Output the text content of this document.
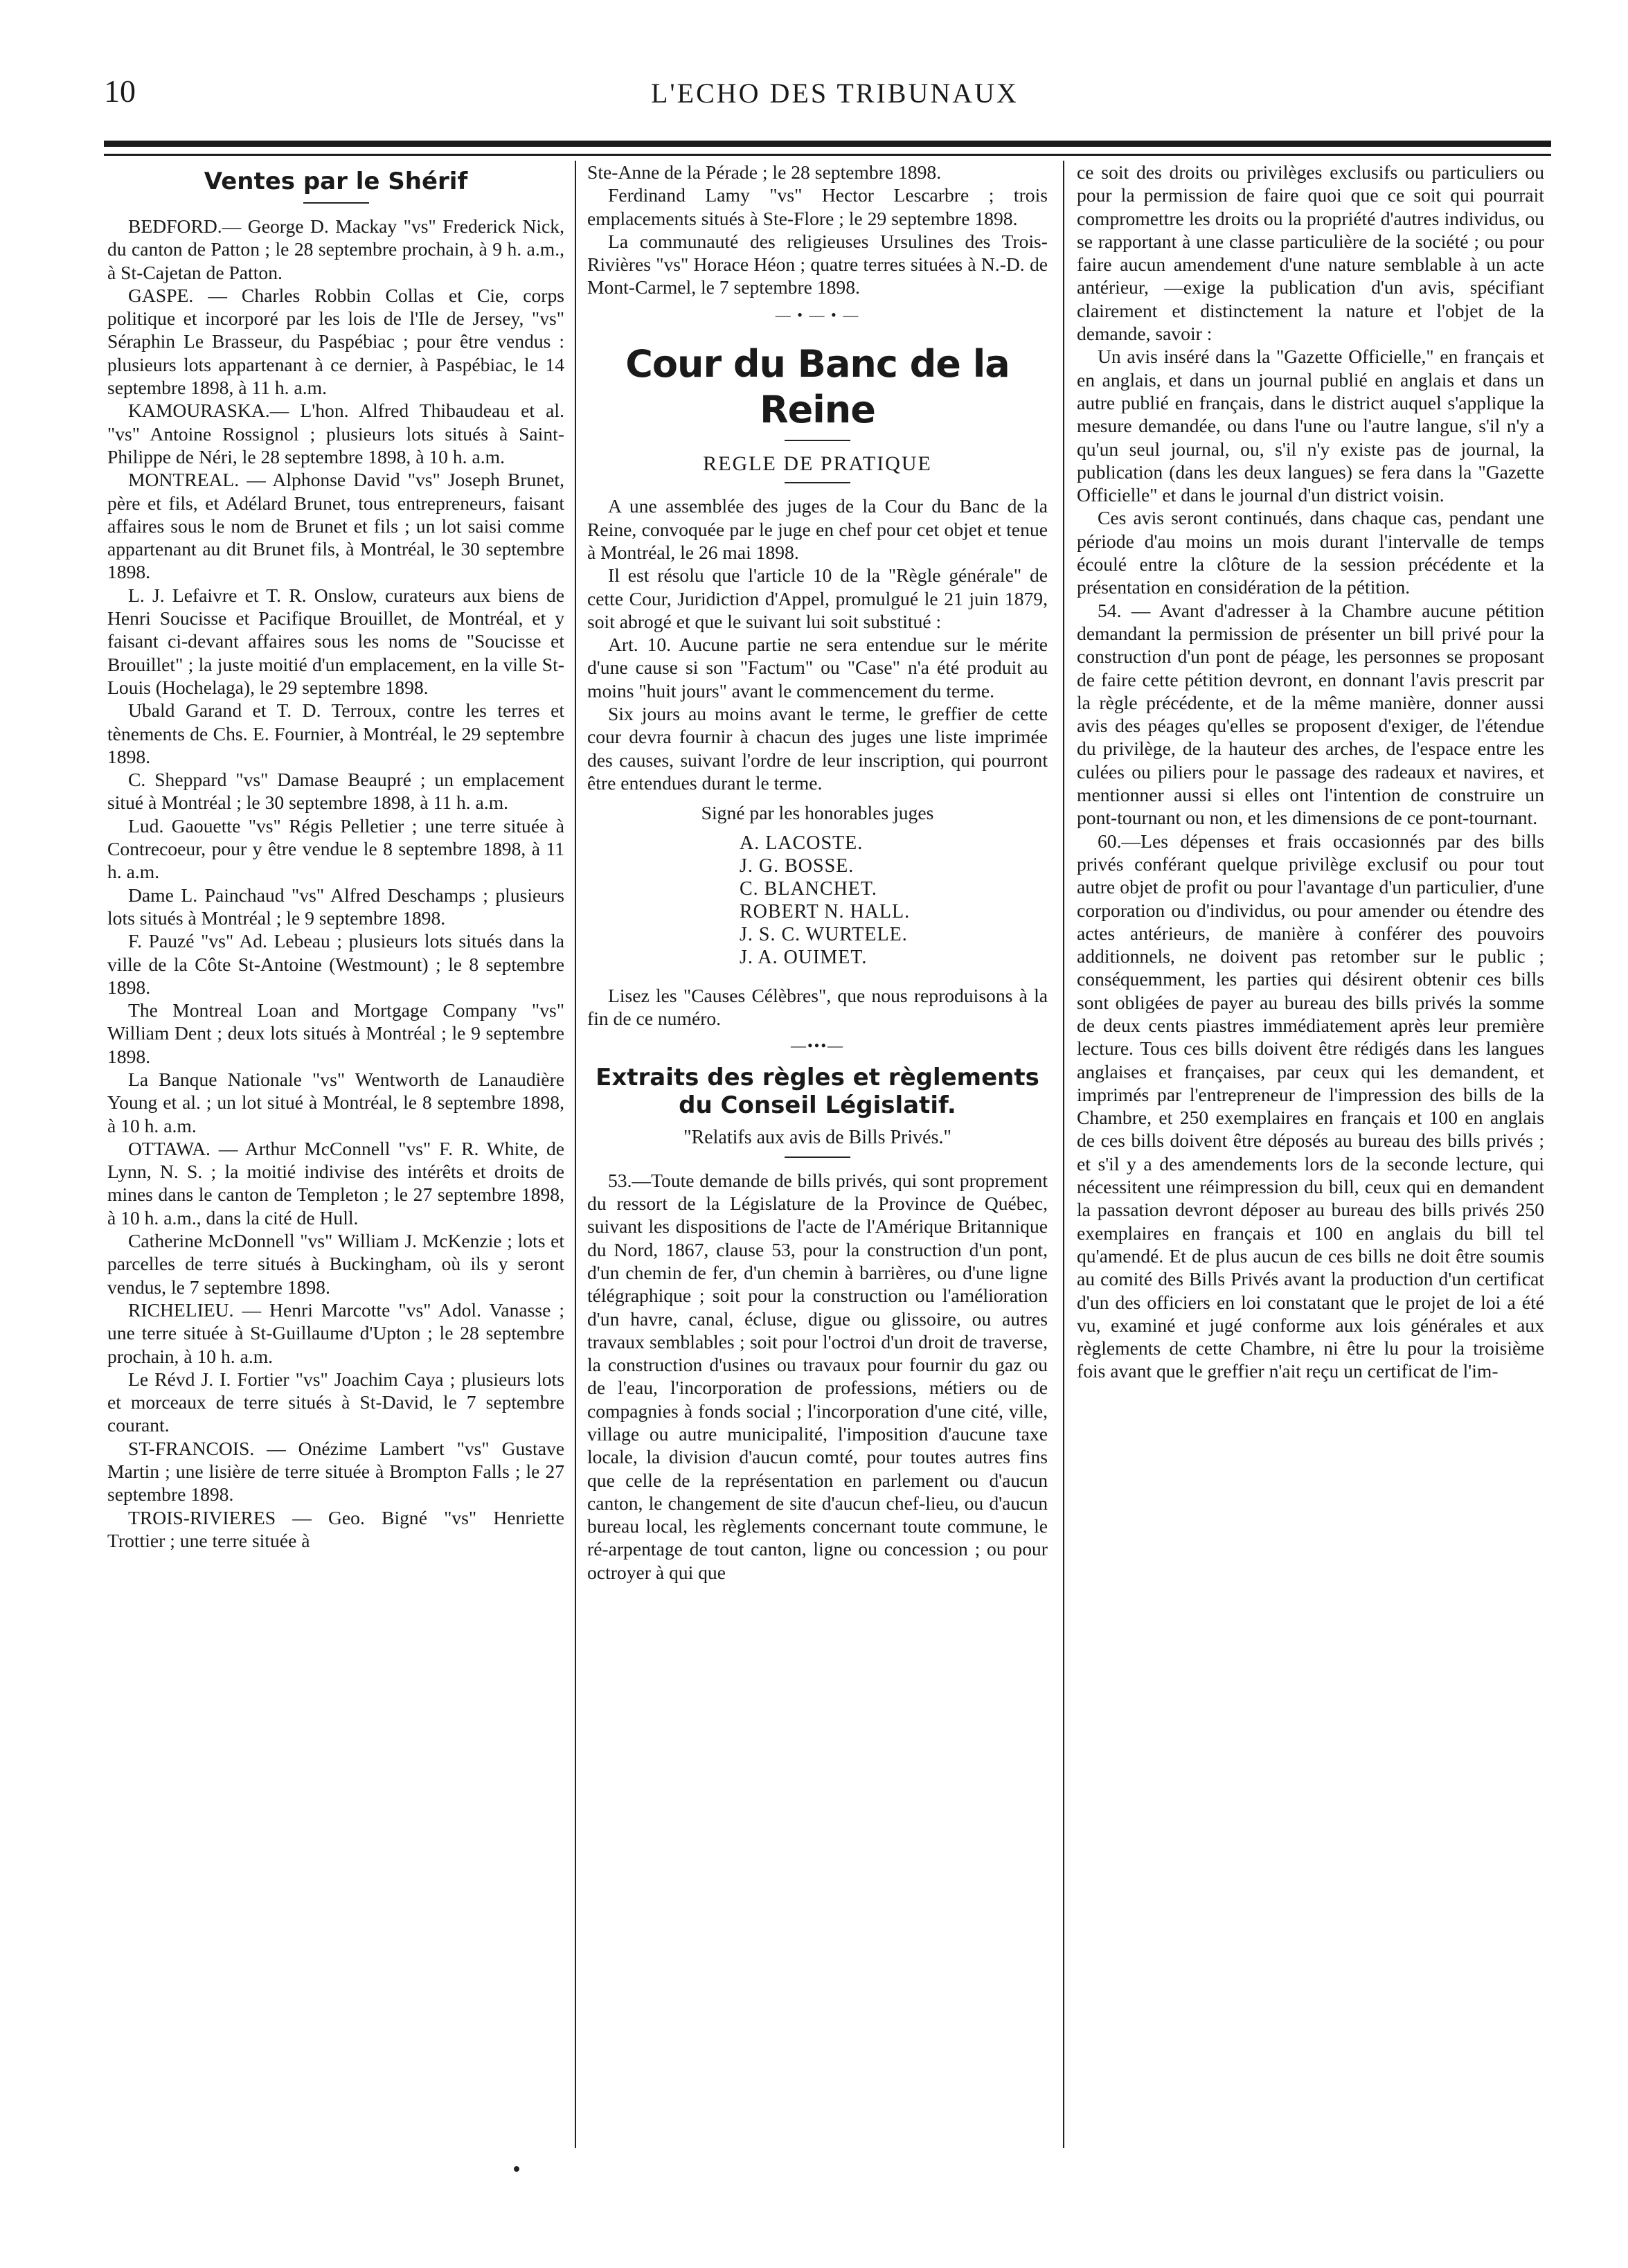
10	L'ECHO DES TRIBUNAUX
Ventes par le Shérif

BEDFORD.— George D. Mackay "vs" Frederick Nick, du canton de Patton ; le 28 septembre prochain, à 9 h. a.m., à St-Cajetan de Patton.

GASPE. — Charles Robbin Collas et Cie, corps politique et incorporé par les lois de l'Ile de Jersey, "vs" Séraphin Le Brasseur, du Paspébiac ; pour être vendus : plusieurs lots appartenant à ce dernier, à Paspébiac, le 14 septembre 1898, à 11 h. a.m.

KAMOURASKA.— L'hon. Alfred Thibaudeau et al. "vs" Antoine Rossignol ; plusieurs lots situés à Saint-Philippe de Néri, le 28 septembre 1898, à 10 h. a.m.

MONTREAL. — Alphonse David "vs" Joseph Brunet, père et fils, et Adélard Brunet, tous entrepreneurs, faisant affaires sous le nom de Brunet et fils ; un lot saisi comme appartenant au dit Brunet fils, à Montréal, le 30 septembre 1898.

L. J. Lefaivre et T. R. Onslow, curateurs aux biens de Henri Soucisse et Pacifique Brouillet, de Montréal, et y faisant ci-devant affaires sous les noms de "Soucisse et Brouillet" ; la juste moitié d'un emplacement, en la ville St-Louis (Hochelaga), le 29 septembre 1898.

Ubald Garand et T. D. Terroux, contre les terres et tènements de Chs. E. Fournier, à Montréal, le 29 septembre 1898.

C. Sheppard "vs" Damase Beaupré ; un emplacement situé à Montréal ; le 30 septembre 1898, à 11 h. a.m.

Lud. Gaouette "vs" Régis Pelletier ; une terre située à Contrecoeur, pour y être vendue le 8 septembre 1898, à 11 h. a.m.

Dame L. Painchaud "vs" Alfred Deschamps ; plusieurs lots situés à Montréal ; le 9 septembre 1898.

F. Pauzé "vs" Ad. Lebeau ; plusieurs lots situés dans la ville de la Côte St-Antoine (Westmount) ; le 8 septembre 1898.

The Montreal Loan and Mortgage Company "vs" William Dent ; deux lots situés à Montréal ; le 9 septembre 1898.

La Banque Nationale "vs" Wentworth de Lanaudière Young et al. ; un lot situé à Montréal, le 8 septembre 1898, à 10 h. a.m.

OTTAWA. — Arthur McConnell "vs" F. R. White, de Lynn, N. S. ; la moitié indivise des intérêts et droits de mines dans le canton de Templeton ; le 27 septembre 1898, à 10 h. a.m., dans la cité de Hull.

Catherine McDonnell "vs" William J. McKenzie ; lots et parcelles de terre situés à Buckingham, où ils y seront vendus, le 7 septembre 1898.

RICHELIEU. — Henri Marcotte "vs" Adol. Vanasse ; une terre située à St-Guillaume d'Upton ; le 28 septembre prochain, à 10 h. a.m.

Le Révd J. I. Fortier "vs" Joachim Caya ; plusieurs lots et morceaux de terre situés à St-David, le 7 septembre courant.

ST-FRANCOIS. — Onézime Lambert "vs" Gustave Martin ; une lisière de terre située à Brompton Falls ; le 27 septembre 1898.

TROIS-RIVIERES — Geo. Bigné "vs" Henriette Trottier ; une terre située à

Ste-Anne de la Pérade ; le 28 septembre 1898.

Ferdinand Lamy "vs" Hector Lescarbre ; trois emplacements situés à Ste-Flore ; le 29 septembre 1898.

La communauté des religieuses Ursulines des Trois-Rivières "vs" Horace Héon ; quatre terres situées à N.-D. de Mont-Carmel, le 7 septembre 1898.

— • — • —
Cour du Banc de la Reine
REGLE DE PRATIQUE

A une assemblée des juges de la Cour du Banc de la Reine, convoquée par le juge en chef pour cet objet et tenue à Montréal, le 26 mai 1898.

Il est résolu que l'article 10 de la "Règle générale" de cette Cour, Juridiction d'Appel, promulgué le 21 juin 1879, soit abrogé et que le suivant lui soit substitué :

Art. 10. Aucune partie ne sera entendue sur le mérite d'une cause si son "Factum" ou "Case" n'a été produit au moins "huit jours" avant le commencement du terme.

Six jours au moins avant le terme, le greffier de cette cour devra fournir à chacun des juges une liste imprimée des causes, suivant l'ordre de leur inscription, qui pourront être entendues durant le terme.

Signé par les honorables juges
A. LACOSTE.
J. G. BOSSE.
C. BLANCHET.
ROBERT N. HALL.
J. S. C. WURTELE.
J. A. OUIMET.

Lisez les "Causes Célèbres", que nous reproduisons à la fin de ce numéro.

—•••—
Extraits des règles et règlements du Conseil Législatif.
"Relatifs aux avis de Bills Privés."

53.—Toute demande de bills privés, qui sont proprement du ressort de la Législature de la Province de Québec, suivant les dispositions de l'acte de l'Amérique Britannique du Nord, 1867, clause 53, pour la construction d'un pont, d'un chemin de fer, d'un chemin à barrières, ou d'une ligne télégraphique ; soit pour la construction ou l'amélioration d'un havre, canal, écluse, digue ou glissoire, ou autres travaux semblables ; soit pour l'octroi d'un droit de traverse, la construction d'usines ou travaux pour fournir du gaz ou de l'eau, l'incorporation de professions, métiers ou de compagnies à fonds social ; l'incorporation d'une cité, ville, village ou autre municipalité, l'imposition d'aucune taxe locale, la division d'aucun comté, pour toutes autres fins que celle de la représentation en parlement ou d'aucun canton, le changement de site d'aucun chef-lieu, ou d'aucun bureau local, les règlements concernant toute commune, le ré-arpentage de tout canton, ligne ou concession ; ou pour octroyer à qui que

ce soit des droits ou privilèges exclusifs ou particuliers ou pour la permission de faire quoi que ce soit qui pourrait compromettre les droits ou la propriété d'autres individus, ou se rapportant à une classe particulière de la société ; ou pour faire aucun amendement d'une nature semblable à un acte antérieur, —exige la publication d'un avis, spécifiant clairement et distinctement la nature et l'objet de la demande, savoir :

Un avis inséré dans la "Gazette Officielle," en français et en anglais, et dans un journal publié en anglais et dans un autre publié en français, dans le district auquel s'applique la mesure demandée, ou dans l'une ou l'autre langue, s'il n'y a qu'un seul journal, ou, s'il n'y existe pas de journal, la publication (dans les deux langues) se fera dans la "Gazette Officielle" et dans le journal d'un district voisin.

Ces avis seront continués, dans chaque cas, pendant une période d'au moins un mois durant l'intervalle de temps écoulé entre la clôture de la session précédente et la présentation en considération de la pétition.

54. — Avant d'adresser à la Chambre aucune pétition demandant la permission de présenter un bill privé pour la construction d'un pont de péage, les personnes se proposant de faire cette pétition devront, en donnant l'avis prescrit par la règle précédente, et de la même manière, donner aussi avis des péages qu'elles se proposent d'exiger, de l'étendue du privilège, de la hauteur des arches, de l'espace entre les culées ou piliers pour le passage des radeaux et navires, et mentionner aussi si elles ont l'intention de construire un pont-tournant ou non, et les dimensions de ce pont-tournant.

60.—Les dépenses et frais occasionnés par des bills privés conférant quelque privilège exclusif ou pour tout autre objet de profit ou pour l'avantage d'un particulier, d'une corporation ou d'individus, ou pour amender ou étendre des actes antérieurs, de manière à conférer des pouvoirs additionnels, ne doivent pas retomber sur le public ; conséquemment, les parties qui désirent obtenir ces bills sont obligées de payer au bureau des bills privés la somme de deux cents piastres immédiatement après leur première lecture. Tous ces bills doivent être rédigés dans les langues anglaises et françaises, par ceux qui les demandent, et imprimés par l'entrepreneur de l'impression des bills de la Chambre, et 250 exemplaires en français et 100 en anglais de ces bills doivent être déposés au bureau des bills privés ; et s'il y a des amendements lors de la seconde lecture, qui nécessitent une réimpression du bill, ceux qui en demandent la passation devront déposer au bureau des bills privés 250 exemplaires en français et 100 en anglais du bill tel qu'amendé. Et de plus aucun de ces bills ne doit être soumis au comité des Bills Privés avant la production d'un certificat d'un des officiers en loi constatant que le projet de loi a été vu, examiné et jugé conforme aux lois générales et aux règlements de cette Chambre, ni être lu pour la troisième fois avant que le greffier n'ait reçu un certificat de l'im-
